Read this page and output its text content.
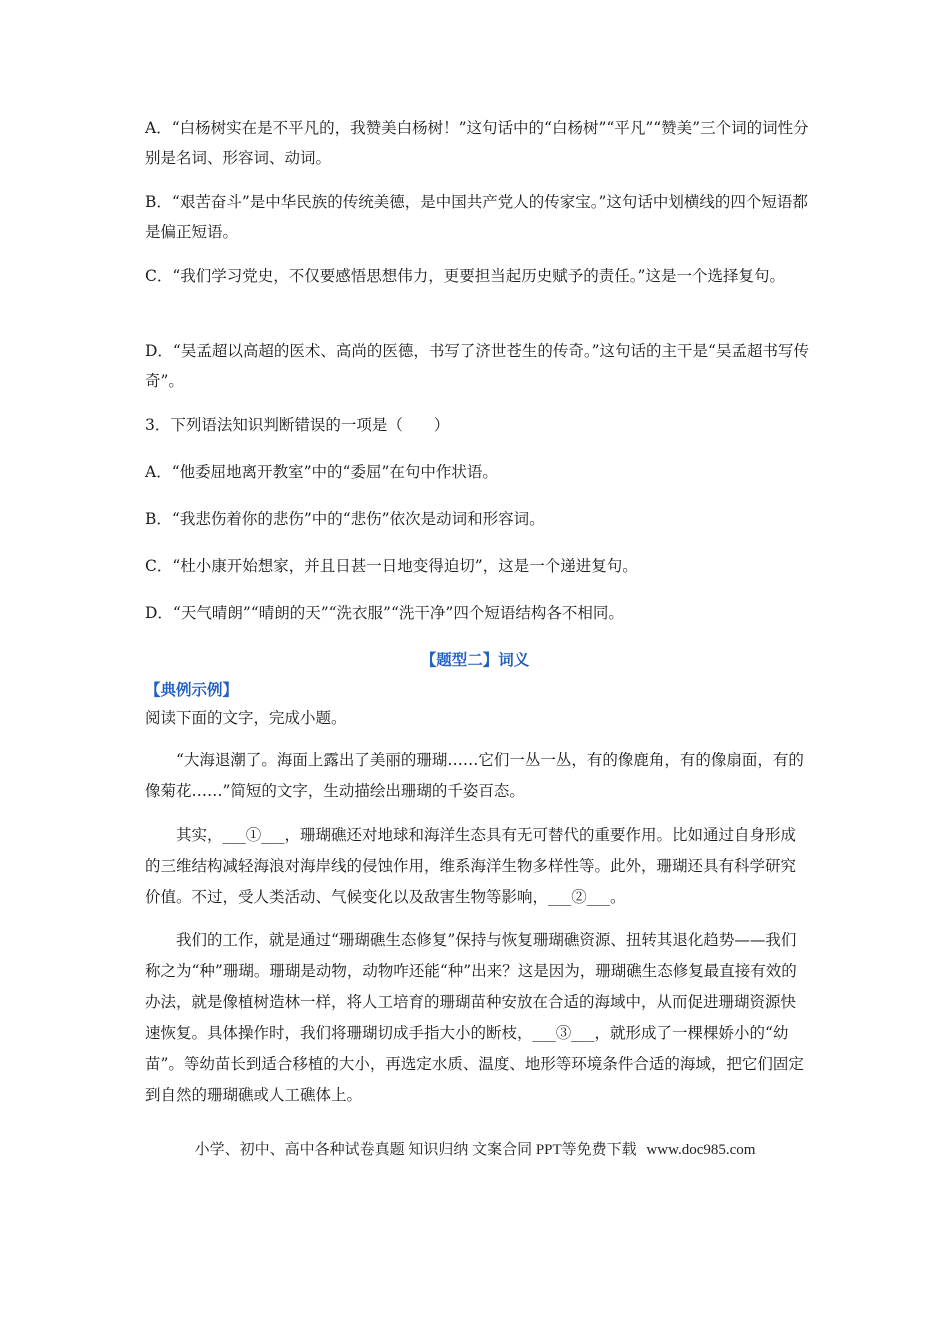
A．“白杨树实在是不平凡的，我赞美白杨树！”这句话中的“白杨树”“平凡”“赞美”三个词的词性分别是名词、形容词、动词。

B．“艰苦奋斗”是中华民族的传统美德，是中国共产党人的传家宝。”这句话中划横线的四个短语都是偏正短语。

C．“我们学习党史，不仅要感悟思想伟力，更要担当起历史赋予的责任。”这是一个选择复句。

D．“吴孟超以高超的医术、高尚的医德，书写了济世苍生的传奇。”这句话的主干是“吴孟超书写传奇”。

3．下列语法知识判断错误的一项是（　　）

A．“他委屈地离开教室”中的“委屈”在句中作状语。

B．“我悲伤着你的悲伤”中的“悲伤”依次是动词和形容词。

C．“杜小康开始想家，并且日甚一日地变得迫切”，这是一个递进复句。

D．“天气晴朗”“晴朗的天”“洗衣服”“洗干净”四个短语结构各不相同。

【题型二】词义
【典例示例】

阅读下面的文字，完成小题。

“大海退潮了。海面上露出了美丽的珊瑚……它们一丛一丛，有的像鹿角，有的像扇面，有的像菊花……”简短的文字，生动描绘出珊瑚的千姿百态。

其实，___①___，珊瑚礁还对地球和海洋生态具有无可替代的重要作用。比如通过自身形成的三维结构减轻海浪对海岸线的侵蚀作用，维系海洋生物多样性等。此外，珊瑚还具有科学研究价值。不过，受人类活动、气候变化以及敌害生物等影响，___②___。

我们的工作，就是通过“珊瑚礁生态修复”保持与恢复珊瑚礁资源、扭转其退化趋势——我们称之为“种”珊瑚。珊瑚是动物，动物咋还能“种”出来？这是因为，珊瑚礁生态修复最直接有效的办法，就是像植树造林一样，将人工培育的珊瑚苗种安放在合适的海域中，从而促进珊瑚资源快速恢复。具体操作时，我们将珊瑚切成手指大小的断枝，___③___，就形成了一棵棵娇小的“幼苗”。等幼苗长到适合移植的大小，再选定水质、温度、地形等环境条件合适的海域，把它们固定到自然的珊瑚礁或人工礁体上。

小学、初中、高中各种试卷真题 知识归纳 文案合同 PPT等免费下载 www.doc985.com
